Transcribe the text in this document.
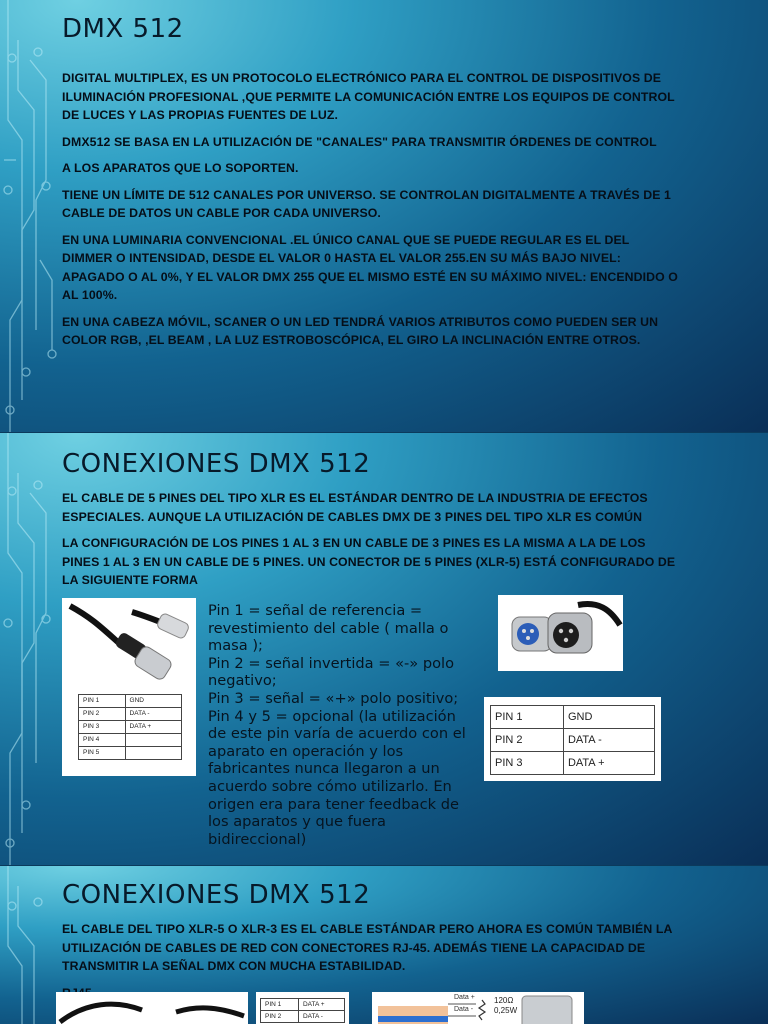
DMX 512

DIGITAL MULTIPLEX, ES UN PROTOCOLO ELECTRÓNICO PARA EL CONTROL DE DISPOSITIVOS DE ILUMINACIÓN PROFESIONAL ,QUE PERMITE LA COMUNICACIÓN ENTRE LOS EQUIPOS DE CONTROL DE LUCES Y LAS PROPIAS FUENTES DE LUZ.

DMX512 SE BASA EN LA UTILIZACIÓN DE "CANALES" PARA TRANSMITIR ÓRDENES DE CONTROL

A LOS APARATOS QUE LO SOPORTEN.

TIENE UN LÍMITE DE 512 CANALES POR UNIVERSO. SE CONTROLAN DIGITALMENTE A TRAVÉS DE 1 CABLE DE DATOS UN CABLE POR CADA UNIVERSO.

EN UNA LUMINARIA CONVENCIONAL .EL ÚNICO CANAL QUE SE PUEDE REGULAR ES EL DEL DIMMER O INTENSIDAD, DESDE EL VALOR 0 HASTA EL VALOR 255.EN SU MÁS BAJO NIVEL: APAGADO O AL 0%, Y EL VALOR DMX 255 QUE EL MISMO ESTÉ EN SU MÁXIMO NIVEL: ENCENDIDO O AL 100%.

EN UNA CABEZA MÓVIL, SCANER O UN LED TENDRÁ VARIOS ATRIBUTOS COMO PUEDEN SER UN COLOR RGB, ,EL BEAM , LA LUZ ESTROBOSCÓPICA, EL GIRO LA INCLINACIÓN ENTRE OTROS.

CONEXIONES DMX 512

EL CABLE DE 5 PINES DEL TIPO XLR ES EL ESTÁNDAR DENTRO DE LA INDUSTRIA DE EFECTOS ESPECIALES. AUNQUE LA UTILIZACIÓN DE CABLES DMX DE 3 PINES DEL TIPO XLR ES COMÚN

LA CONFIGURACIÓN DE LOS PINES 1 AL 3 EN UN CABLE DE 3 PINES ES LA MISMA A LA DE LOS PINES 1 AL 3 EN UN CABLE DE 5 PINES. UN CONECTOR DE 5 PINES (XLR-5) ESTÁ CONFIGURADO DE LA SIGUIENTE FORMA

PIN 1	GND
PIN 2	DATA -
PIN 3	DATA +
PIN 4	
PIN 5	
Pin 1 = señal de referencia = revestimiento del cable ( malla o masa );
Pin 2 = señal invertida = «-» polo negativo;
Pin 3 = señal = «+» polo positivo;
Pin 4 y 5 = opcional (la utilización de este pin varía de acuerdo con el aparato en operación y los fabricantes nunca llegaron a un acuerdo sobre cómo utilizarlo. En origen era para tener feedback de los aparatos y que fuera bidireccional)
PIN 1	GND
PIN 2	DATA -
PIN 3	DATA +
CONEXIONES DMX 512

EL CABLE DEL TIPO XLR-5 O XLR-3 ES EL CABLE ESTÁNDAR PERO AHORA ES COMÚN TAMBIÉN LA UTILIZACIÓN DE CABLES DE RED CON CONECTORES RJ-45. ADEMÁS TIENE LA CAPACIDAD DE TRANSMITIR LA SEÑAL DMX CON MUCHA ESTABILIDAD.

PIN 1	DATA +
PIN 2	DATA -
Data +
Data -
120Ω
0,25W
